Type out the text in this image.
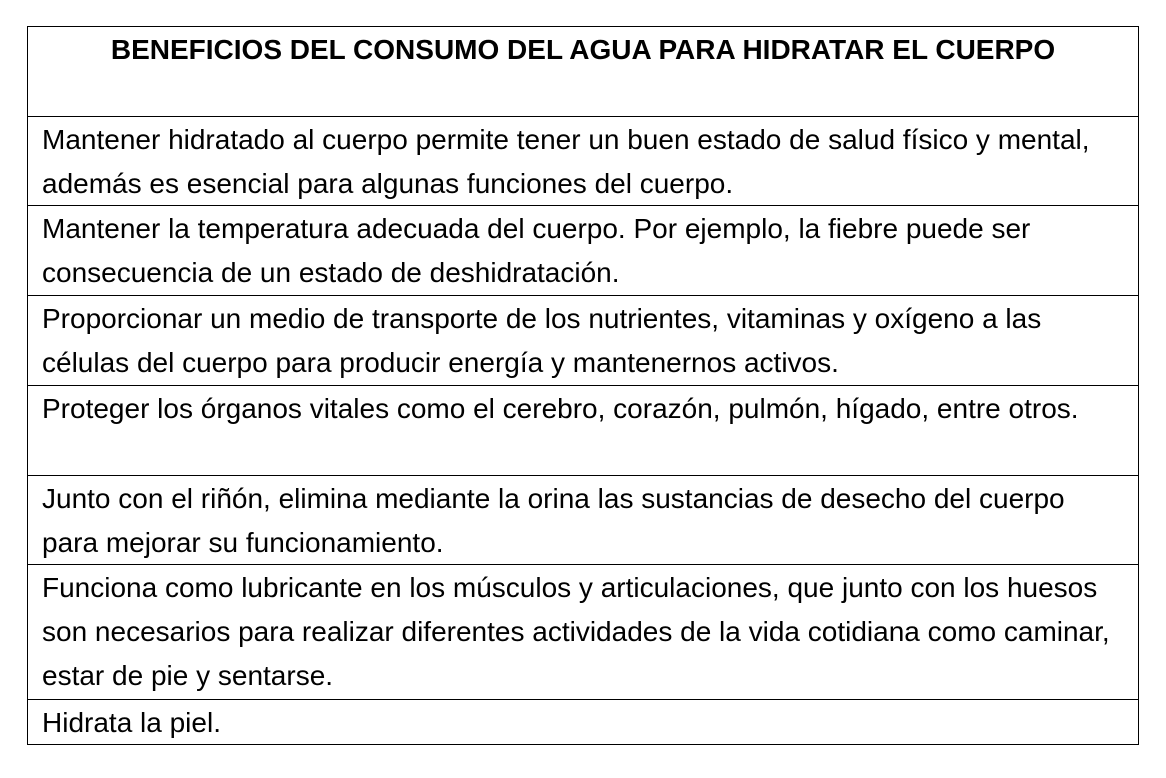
BENEFICIOS DEL CONSUMO DEL AGUA PARA HIDRATAR EL CUERPO
Mantener hidratado al cuerpo permite tener un buen estado de salud físico y mental, además es esencial para algunas funciones del cuerpo.
Mantener la temperatura adecuada del cuerpo. Por ejemplo, la fiebre puede ser consecuencia de un estado de deshidratación.
Proporcionar un medio de transporte de los nutrientes, vitaminas y oxígeno a las células del cuerpo para producir energía y mantenernos activos.
Proteger los órganos vitales como el cerebro, corazón, pulmón, hígado, entre otros.
Junto con el riñón, elimina mediante la orina las sustancias de desecho del cuerpo para mejorar su funcionamiento.
Funciona como lubricante en los músculos y articulaciones, que junto con los huesos son necesarios para realizar diferentes actividades de la vida cotidiana como caminar, estar de pie y sentarse.
Hidrata la piel.
